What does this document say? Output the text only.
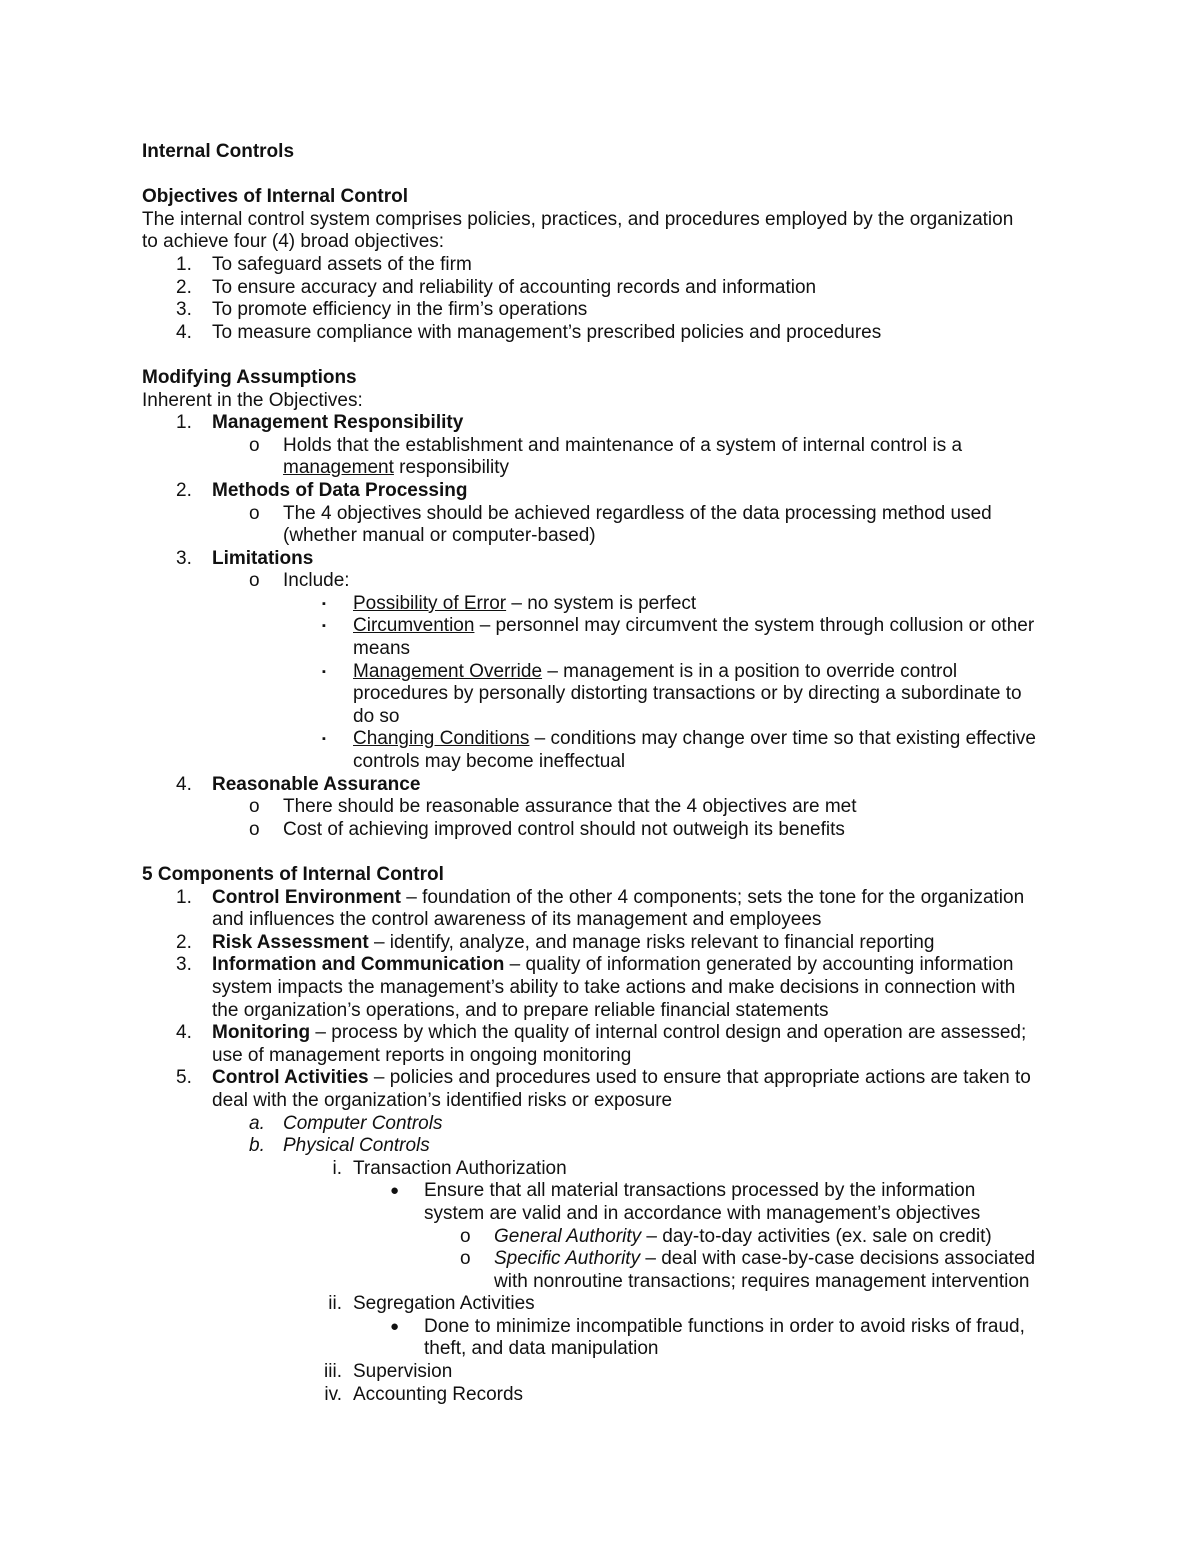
Internal Controls
Objectives of Internal Control
The internal control system comprises policies, practices, and procedures employed by the organization
to achieve four (4) broad objectives:
1. To safeguard assets of the firm
2. To ensure accuracy and reliability of accounting records and information
3. To promote efficiency in the firm’s operations
4. To measure compliance with management’s prescribed policies and procedures
Modifying Assumptions
Inherent in the Objectives:
1. Management Responsibility
o Holds that the establishment and maintenance of a system of internal control is a
management responsibility
2. Methods of Data Processing
o The 4 objectives should be achieved regardless of the data processing method used
(whether manual or computer-based)
3. Limitations
o Include:
▪ Possibility of Error – no system is perfect
▪ Circumvention – personnel may circumvent the system through collusion or other
means
▪ Management Override – management is in a position to override control
procedures by personally distorting transactions or by directing a subordinate to
do so
▪ Changing Conditions – conditions may change over time so that existing effective
controls may become ineffectual
4. Reasonable Assurance
o There should be reasonable assurance that the 4 objectives are met
o Cost of achieving improved control should not outweigh its benefits
5 Components of Internal Control
1. Control Environment – foundation of the other 4 components; sets the tone for the organization
and influences the control awareness of its management and employees
2. Risk Assessment – identify, analyze, and manage risks relevant to financial reporting
3. Information and Communication – quality of information generated by accounting information
system impacts the management’s ability to take actions and make decisions in connection with
the organization’s operations, and to prepare reliable financial statements
4. Monitoring – process by which the quality of internal control design and operation are assessed;
use of management reports in ongoing monitoring
5. Control Activities – policies and procedures used to ensure that appropriate actions are taken to
deal with the organization’s identified risks or exposure
a. Computer Controls
b. Physical Controls
i. Transaction Authorization
● Ensure that all material transactions processed by the information
system are valid and in accordance with management’s objectives
o General Authority – day-to-day activities (ex. sale on credit)
o Specific Authority – deal with case-by-case decisions associated
with nonroutine transactions; requires management intervention
ii. Segregation Activities
● Done to minimize incompatible functions in order to avoid risks of fraud,
theft, and data manipulation
iii. Supervision
iv. Accounting Records
